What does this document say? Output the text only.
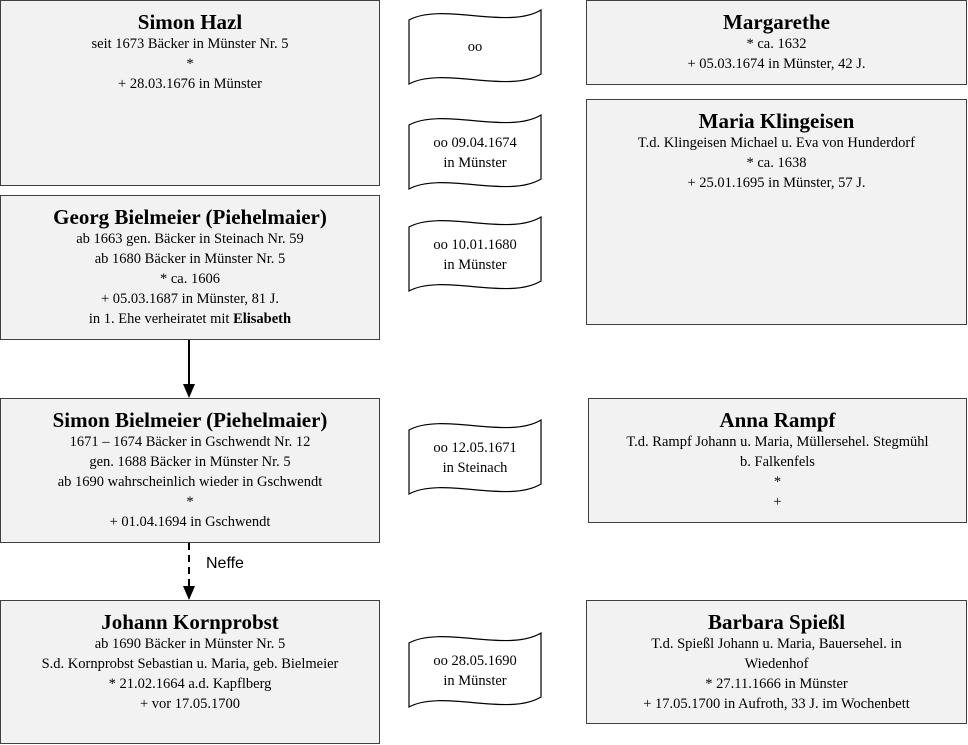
Simon Hazl
seit 1673 Bäcker in Münster Nr. 5
*
+ 28.03.1676 in Münster
Margarethe
* ca. 1632
+ 05.03.1674 in Münster, 42 J.
Maria Klingeisen
T.d. Klingeisen Michael u. Eva von Hunderdorf
* ca. 1638
+ 25.01.1695 in Münster, 57 J.
Georg Bielmeier (Piehelmaier)
ab 1663 gen. Bäcker in Steinach Nr. 59
ab 1680 Bäcker in Münster Nr. 5
* ca. 1606
+ 05.03.1687 in Münster, 81 J.
in 1. Ehe verheiratet mit Elisabeth
Simon Bielmeier (Piehelmaier)
1671 – 1674 Bäcker in Gschwendt Nr. 12
gen. 1688 Bäcker in Münster Nr. 5
ab 1690 wahrscheinlich wieder in Gschwendt
*
+ 01.04.1694 in Gschwendt
Anna Rampf
T.d. Rampf Johann u. Maria, Müllersehel. Stegmühl
b. Falkenfels
*
+
Johann Kornprobst
ab 1690 Bäcker in Münster Nr. 5
S.d. Kornprobst Sebastian u. Maria, geb. Bielmeier
* 21.02.1664 a.d. Kapflberg
+ vor 17.05.1700
Barbara Spießl
T.d. Spießl Johann u. Maria, Bauersehel. in
Wiedenhof
* 27.11.1666 in Münster
+ 17.05.1700 in Aufroth, 33 J. im Wochenbett
oo
oo 09.04.1674
in Münster
oo 10.01.1680
in Münster
oo 12.05.1671
in Steinach
oo 28.05.1690
in Münster
Neffe
